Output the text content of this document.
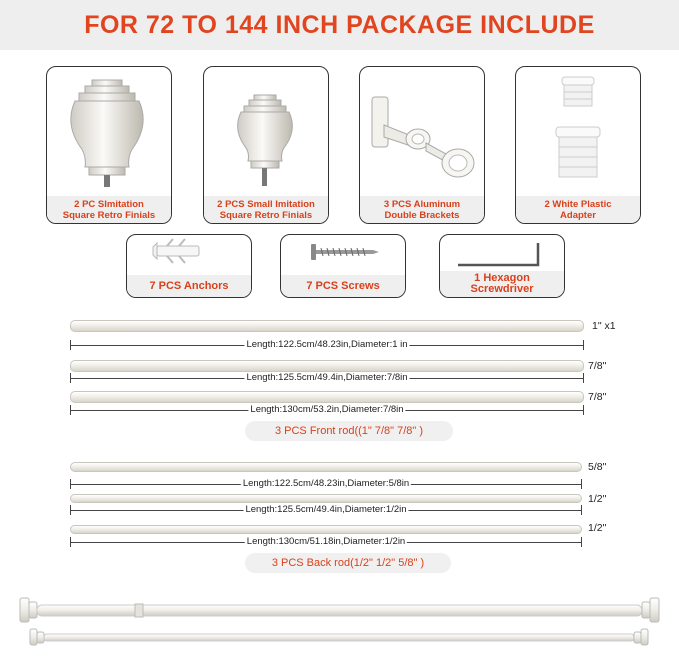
FOR 72 TO 144 INCH PACKAGE INCLUDE
2 PC SImitation
Square Retro Finials
2 PCS Small Imitation
Square Retro Finials
3 PCS Aluminum
Double Brackets
2 White Plastic
Adapter
7 PCS Anchors	7 PCS Screws
1 Hexagon
Screwdriver
Length:122.5cm/48.23in,Diameter:1 in
1" x1
Length:125.5cm/49.4in,Diameter:7/8in
7/8"
Length:130cm/53.2in,Diameter:7/8in
7/8"
3 PCS Front rod((1" 7/8" 7/8" )
Length:122.5cm/48.23in,Diameter:5/8in
5/8"
Length:125.5cm/49.4in,Diameter:1/2in
1/2"
Length:130cm/51.18in,Diameter:1/2in
1/2"
3 PCS Back rod(1/2" 1/2" 5/8" )
